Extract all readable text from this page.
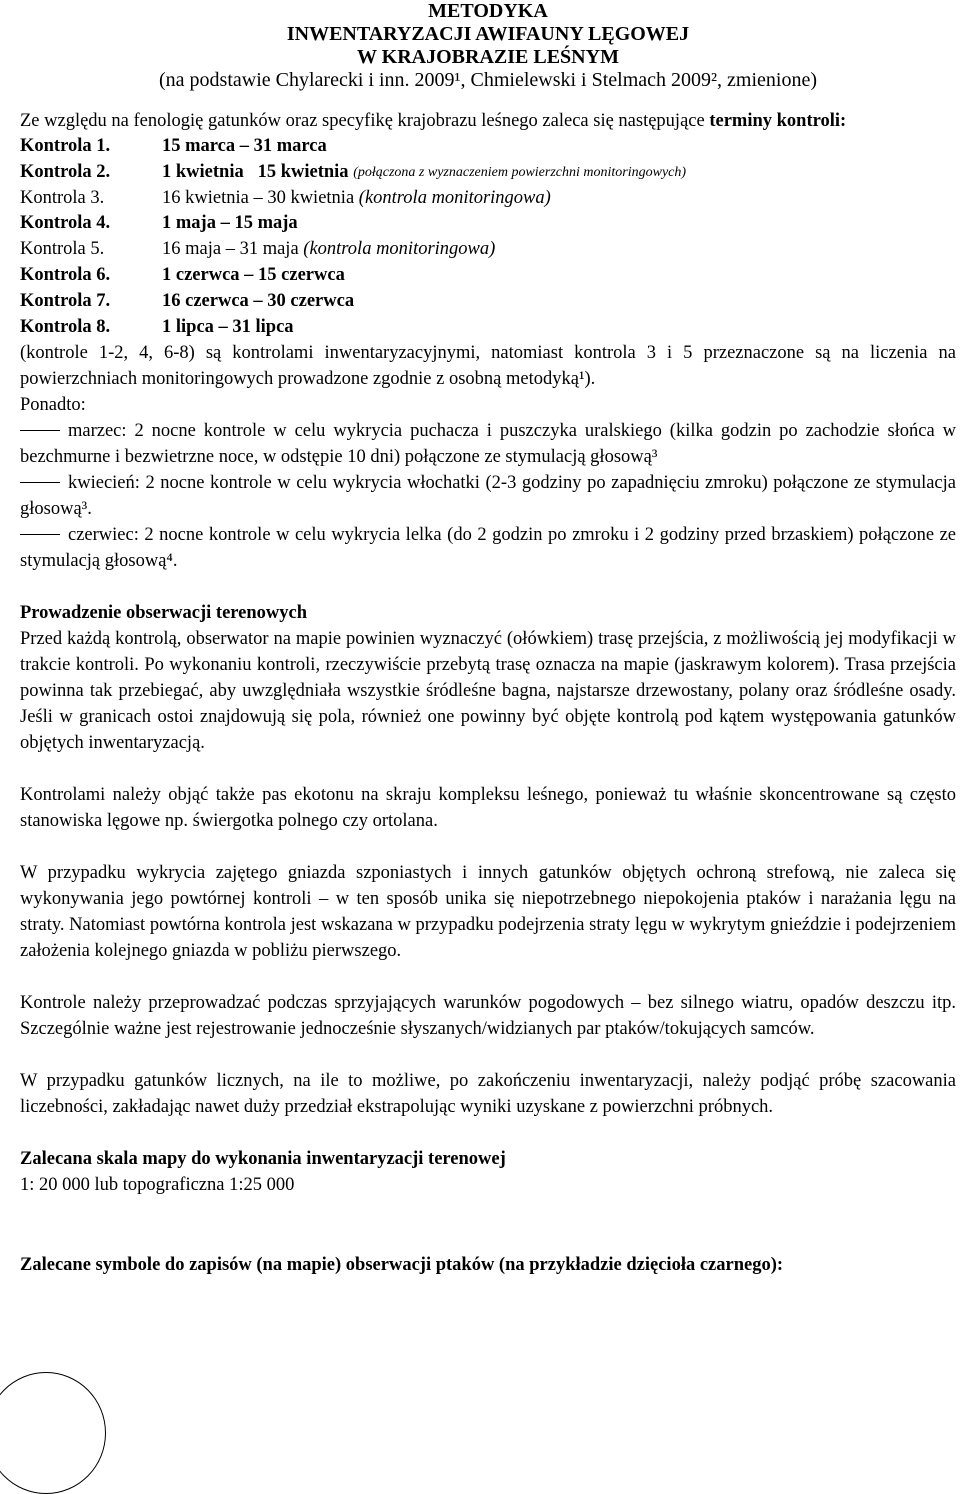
METODYKA
INWENTARYZACJI AWIFAUNY LĘGOWEJ
W KRAJOBRAZIE LEŚNYM
(na podstawie Chylarecki i inn. 2009¹, Chmielewski i Stelmach 2009², zmienione)

Ze względu na fenologię gatunków oraz specyfikę krajobrazu leśnego zaleca się następujące terminy kontroli:

Kontrola 1.	15 marca – 31 marca
Kontrola 2.	1 kwietnia   15 kwietnia
(połączona z wyznaczeniem powierzchni monitoringowych)
Kontrola 3.	16 kwietnia – 30 kwietnia
(kontrola monitoringowa)
Kontrola 4.	1 maja – 15 maja
Kontrola 5.	16 maja – 31 maja
(kontrola monitoringowa)
Kontrola 6.	1 czerwca – 15 czerwca
Kontrola 7.	16 czerwca – 30 czerwca
Kontrola 8.	1 lipca – 31 lipca

(kontrole 1-2, 4, 6-8) są kontrolami inwentaryzacyjnymi, natomiast kontrola 3 i 5 przeznaczone są na liczenia na powierzchniach monitoringowych prowadzone zgodnie z osobną metodyką¹).

Ponadto:

marzec: 2 nocne kontrole w celu wykrycia puchacza i puszczyka uralskiego (kilka godzin po zachodzie słońca w bezchmurne i bezwietrzne noce, w odstępie 10 dni) połączone ze stymulacją głosową³

kwiecień: 2 nocne kontrole w celu wykrycia włochatki (2-3 godziny po zapadnięciu zmroku) połączone ze stymulacja głosową³.

czerwiec: 2 nocne kontrole w celu wykrycia lelka (do 2 godzin po zmroku i 2 godziny przed brzaskiem) połączone ze stymulacją głosową⁴.

Prowadzenie obserwacji terenowych

Przed każdą kontrolą, obserwator na mapie powinien wyznaczyć (ołówkiem) trasę przejścia, z możliwością jej modyfikacji w trakcie kontroli. Po wykonaniu kontroli, rzeczywiście przebytą trasę oznacza na mapie (jaskrawym kolorem). Trasa przejścia powinna tak przebiegać, aby uwzględniała wszystkie śródleśne bagna, najstarsze drzewostany, polany oraz śródleśne osady. Jeśli w granicach ostoi znajdowują się pola, również one powinny być objęte kontrolą pod kątem występowania gatunków objętych inwentaryzacją.

Kontrolami należy objąć także pas ekotonu na skraju kompleksu leśnego, ponieważ tu właśnie skoncentrowane są często stanowiska lęgowe np. świergotka polnego czy ortolana.

W przypadku wykrycia zajętego gniazda szponiastych i innych gatunków objętych ochroną strefową, nie zaleca się wykonywania jego powtórnej kontroli – w ten sposób unika się niepotrzebnego niepokojenia ptaków i narażania lęgu na straty. Natomiast powtórna kontrola jest wskazana w przypadku podejrzenia straty lęgu w wykrytym gnieździe i podejrzeniem założenia kolejnego gniazda w pobliżu pierwszego.

Kontrole należy przeprowadzać podczas sprzyjających warunków pogodowych – bez silnego wiatru, opadów deszczu itp. Szczególnie ważne jest rejestrowanie jednocześnie słyszanych/widzianych par ptaków/tokujących samców.

W przypadku gatunków licznych, na ile to możliwe, po zakończeniu inwentaryzacji, należy podjąć próbę szacowania liczebności, zakładając nawet duży przedział ekstrapolując wyniki uzyskane z powierzchni próbnych.

Zalecana skala mapy do wykonania inwentaryzacji terenowej
1: 20 000 lub topograficzna 1:25 000
Zalecane symbole do zapisów (na mapie) obserwacji ptaków (na przykładzie dzięcioła czarnego):
